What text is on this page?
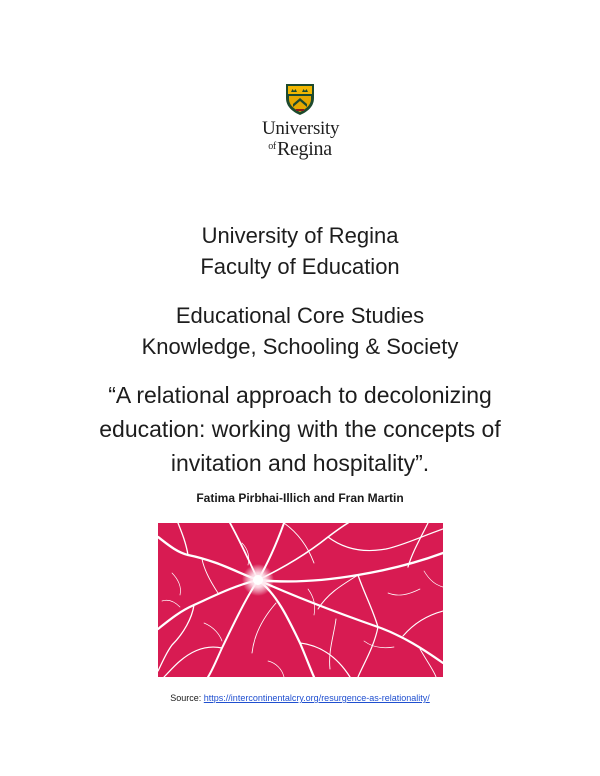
University
$^{of}$Regina
University of Regina
Faculty of Education
Educational Core Studies
Knowledge, Schooling & Society
“A relational approach to decolonizing
education: working with the concepts of
invitation and hospitality”.
Fatima Pirbhai-Illich and Fran Martin
Source: https://intercontinentalcry.org/resurgence-as-relationality/
